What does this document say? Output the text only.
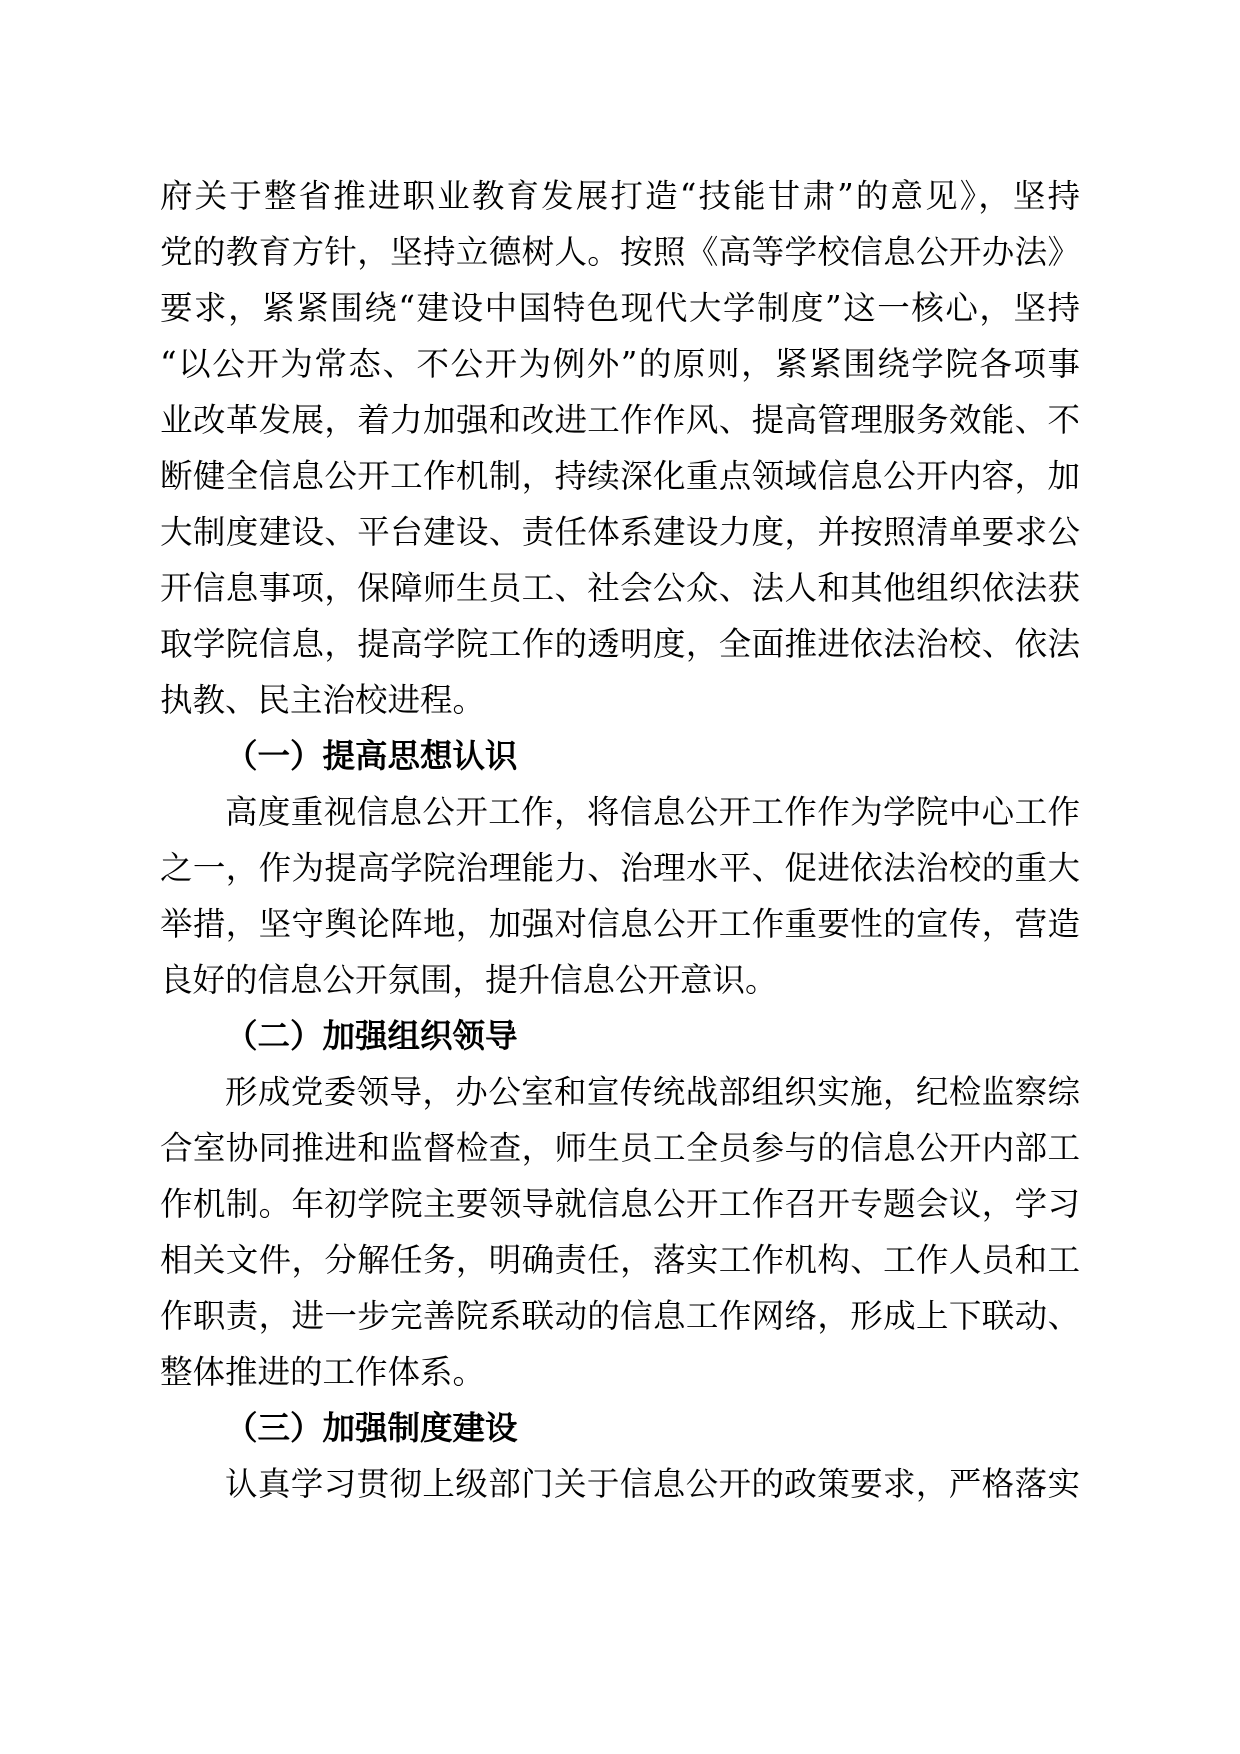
府关于整省推进职业教育发展打造“技能甘肃”的意见》，坚持
党的教育方针，坚持立德树人。按照《高等学校信息公开办法》
要求，紧紧围绕“建设中国特色现代大学制度”这一核心，坚持
“以公开为常态、不公开为例外”的原则，紧紧围绕学院各项事
业改革发展，着力加强和改进工作作风、提高管理服务效能、不
断健全信息公开工作机制，持续深化重点领域信息公开内容，加
大制度建设、平台建设、责任体系建设力度，并按照清单要求公
开信息事项，保障师生员工、社会公众、法人和其他组织依法获
取学院信息，提高学院工作的透明度，全面推进依法治校、依法
执教、民主治校进程。
（一）提高思想认识
高度重视信息公开工作，将信息公开工作作为学院中心工作
之一，作为提高学院治理能力、治理水平、促进依法治校的重大
举措，坚守舆论阵地，加强对信息公开工作重要性的宣传，营造
良好的信息公开氛围，提升信息公开意识。
（二）加强组织领导
形成党委领导，办公室和宣传统战部组织实施，纪检监察综
合室协同推进和监督检查，师生员工全员参与的信息公开内部工
作机制。年初学院主要领导就信息公开工作召开专题会议，学习
相关文件，分解任务，明确责任，落实工作机构、工作人员和工
作职责，进一步完善院系联动的信息工作网络，形成上下联动、
整体推进的工作体系。
（三）加强制度建设
认真学习贯彻上级部门关于信息公开的政策要求，严格落实
